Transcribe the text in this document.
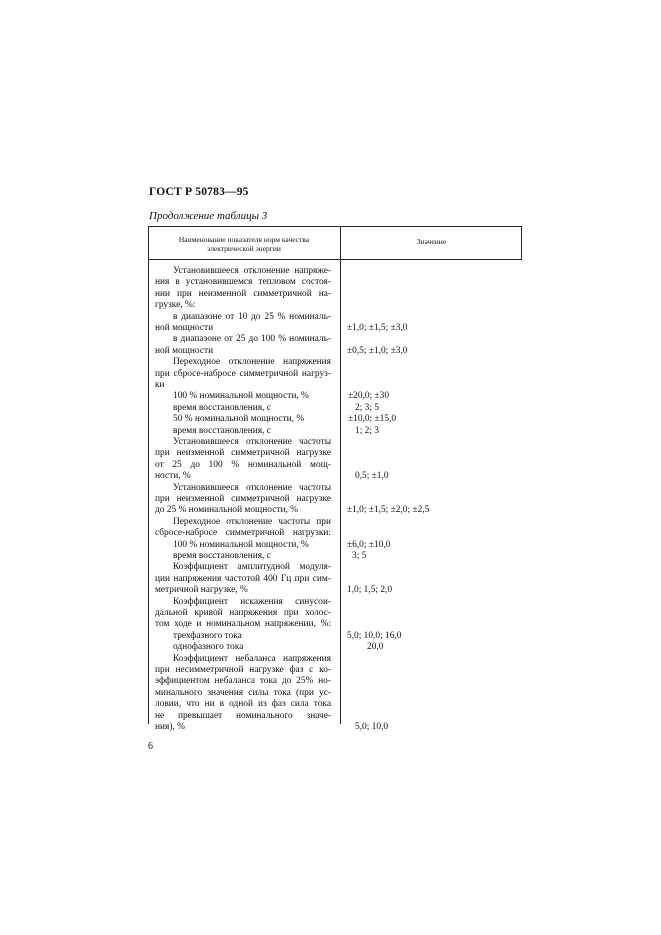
ГОСТ Р 50783—95
Продолжение таблицы 3
Наименование показателя норм качества электрической энергии
Значение
Установившееся отклонение напряже-
ния в установившемся тепловом состоя-
нии при неизменной симметричной на-
грузке, %:
в диапазоне от 10 до 25 % номиналь-
ной мощности
в диапазоне от 25 до 100 % номиналь-
ной мощности
Переходное отклонение напряжения
при сбросе-набросе симметричной нагруз-
ки
100 % номинальной мощности, %
время восстановления, с
50 % номинальной мощности, %
время восстановления, с
Установившееся отклонение частоты
при неизменной симметричной нагрузке
от 25 до 100 % номинальной мощ-
ности, %
Установившееся отклонение частоты
при неизменной симметричной нагрузке
до 25 % номинальной мощности, %
Переходное отклонение частоты при
сбросе-набросе симметричной нагрузки:
100 % номинальной мощности, %
время восстановления, с
Коэффициент амплитудной модуля-
ции напряжения частотой 400 Гц при сим-
метричной нагрузке, %
Коэффициент искажения синусои-
дальной кривой напряжения при холос-
том ходе и номинальном напряжении, %:
трехфазного тока
однофазного тока
Коэффициент небаланса напряжения
при несимметричной нагрузке фаз с ко-
эффициентом небаланса тока до 25% но-
минального значения силы тока (при ус-
ловии, что ни в одной из фаз сила тока
не превышает номинального значе-
ния), %
±1,0; ±1,5; ±3,0
±0,5; ±1,0; ±3,0
±20,0; ±30
2; 3; 5
±10,0; ±15,0
1; 2; 3
0,5; ±1,0
±1,0; ±1,5; ±2,0; ±2,5
±6,0; ±10,0
3; 5
1,0; 1,5; 2,0
5,0; 10,0; 16,0
20,0
5,0; 10,0
6
